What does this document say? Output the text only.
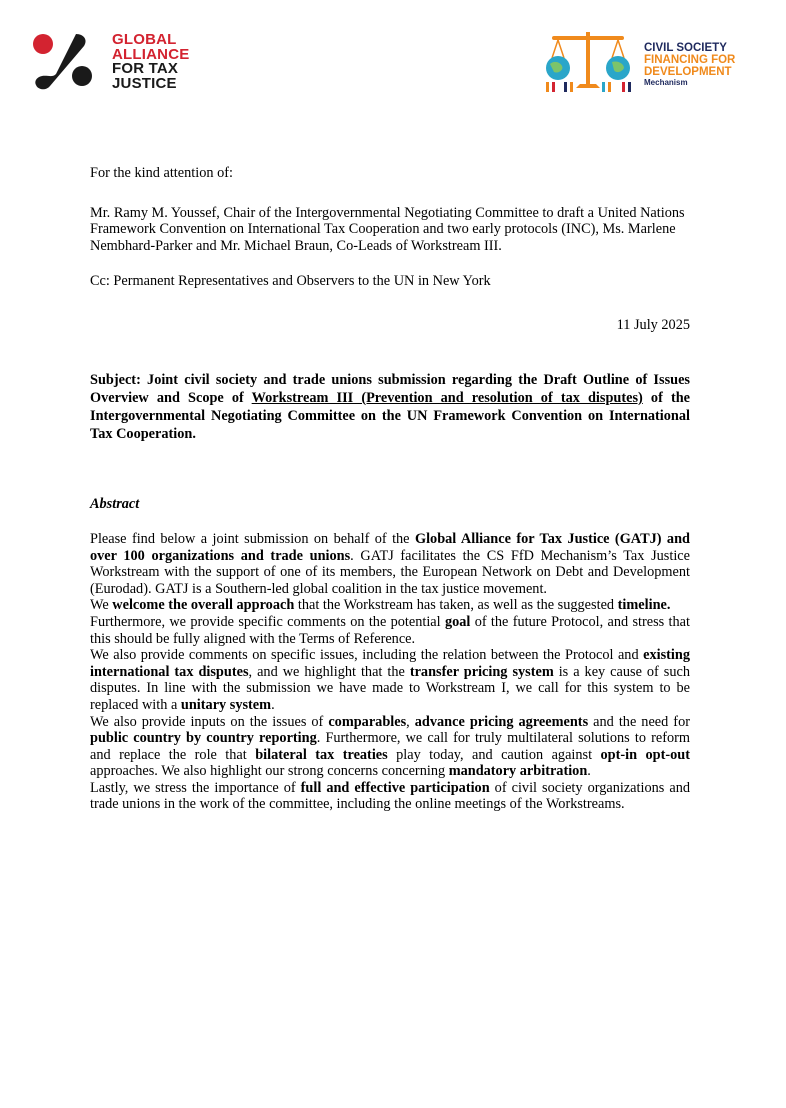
GLOBAL
ALLIANCE
FOR TAX
JUSTICE
CIVIL SOCIETY
FINANCING FOR
DEVELOPMENT
Mechanism

For the kind attention of:

Mr. Ramy M. Youssef, Chair of the Intergovernmental Negotiating Committee to draft a United Nations Framework Convention on International Tax Cooperation and two early protocols (INC), Ms. Marlene Nembhard-Parker and Mr. Michael Braun, Co-Leads of Workstream III.

Cc: Permanent Representatives and Observers to the UN in New York

11 July 2025

Subject: Joint civil society and trade unions submission regarding the Draft Outline of Issues Overview and Scope of Workstream III (Prevention and resolution of tax disputes) of the Intergovernmental Negotiating Committee on the UN Framework Convention on International Tax Cooperation.

Abstract

Please find below a joint submission on behalf of the Global Alliance for Tax Justice (GATJ) and over 100 organizations and trade unions. GATJ facilitates the CS FfD Mechanism’s Tax Justice Workstream with the support of one of its members, the European Network on Debt and Development (Eurodad). GATJ is a Southern-led global coalition in the tax justice movement.

We welcome the overall approach that the Workstream has taken, as well as the suggested timeline.

Furthermore, we provide specific comments on the potential goal of the future Protocol, and stress that this should be fully aligned with the Terms of Reference.

We also provide comments on specific issues, including the relation between the Protocol and existing international tax disputes, and we highlight that the transfer pricing system is a key cause of such disputes. In line with the submission we have made to Workstream I, we call for this system to be replaced with a unitary system.

We also provide inputs on the issues of comparables, advance pricing agreements and the need for public country by country reporting. Furthermore, we call for truly multilateral solutions to reform and replace the role that bilateral tax treaties play today, and caution against opt-in opt-out approaches. We also highlight our strong concerns concerning mandatory arbitration.

Lastly, we stress the importance of full and effective participation of civil society organizations and trade unions in the work of the committee, including the online meetings of the Workstreams.
